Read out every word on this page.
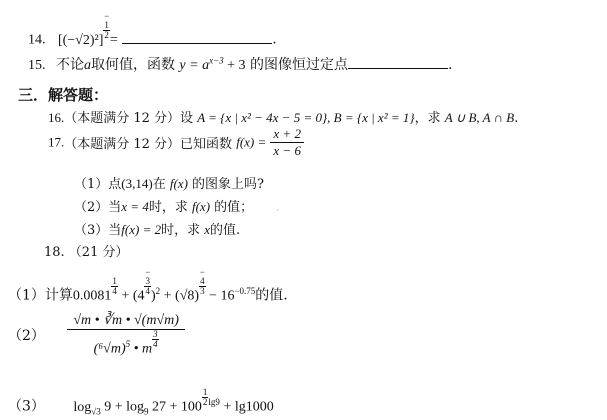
14. [(−√2)²]−
1
2 =	.
15. 不论a取何值，函数 $y = a^{x-3} + 3$ 的图像恒过定点	.
三．解答题：
16.（本题满分 12 分）设 A = {x | x² − 4x − 5 = 0}, B = {x | x² = 1}，求 A ∪ B, A ∩ B.
17.（本题满分 12 分）已知函数 $f(x) = \frac{x + 2}{x - 6}$
（1）点(3,14)在 f(x) 的图象上吗?
（2）当x = 4时，求 f(x) 的值； .
（3）当f(x) = 2时，求 x的值.
18. （21 分）
（1）计算0.0081
$\frac{1}{4}$
+ (4−
3
4 )$^2$ + (√8)−
4
$3 - 16^{-0.75}$的值.
（2） √m • ∛m • √(m√m)
$(^6√m)^5$ • m
$\frac{3}{4}$
（3） $\log_{√3} 9 + \log_9 27 + 100$
$\frac{1}{2} ^{lg9} + \lg 1000$
